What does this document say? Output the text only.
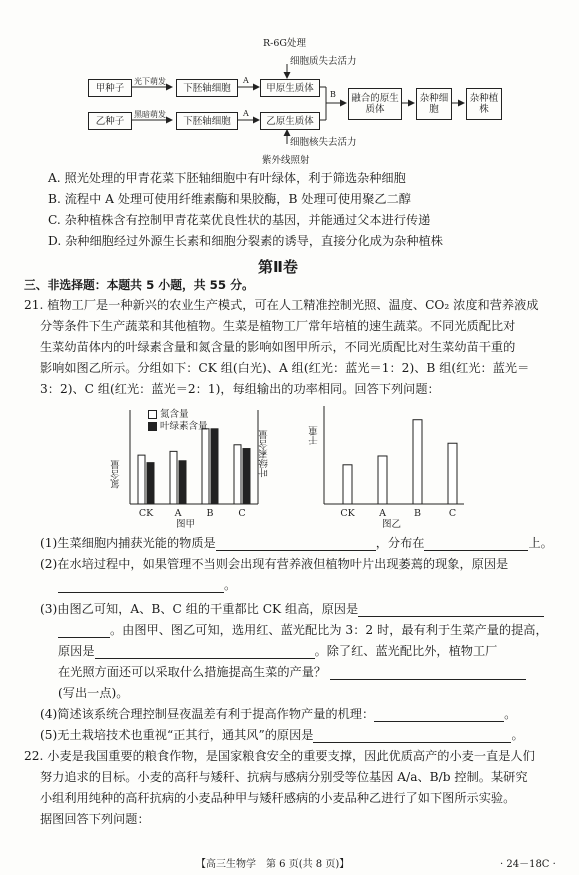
R-6G处理
细胞质失去活力
细胞核失去活力
紫外线照射
甲种子
乙种子
下胚轴细胞
下胚轴细胞
甲原生质体
乙原生质体
融合的原生质体
杂种细胞
杂种植株
光下萌发
黑暗萌发
A
A
B
A. 照光处理的甲青花菜下胚轴细胞中有叶绿体，利于筛选杂种细胞
B. 流程中 A 处理可使用纤维素酶和果胶酶，B 处理可使用聚乙二醇
C. 杂种植株含有控制甲青花菜优良性状的基因，并能通过父本进行传递
D. 杂种细胞经过外源生长素和细胞分裂素的诱导，直接分化成为杂种植株
第Ⅱ卷
三、非选择题：本题共 5 小题，共 55 分。
21. 植物工厂是一种新兴的农业生产模式，可在人工精准控制光照、温度、CO₂ 浓度和营养液成
分等条件下生产蔬菜和其他植物。生菜是植物工厂常年培植的速生蔬菜。不同光质配比对
生菜幼苗体内的叶绿素含量和氮含量的影响如图甲所示，不同光质配比对生菜幼苗干重的
影响如图乙所示。分组如下：CK 组(白光)、A 组(红光：蓝光＝1：2)、B 组(红光：蓝光＝
3：2)、C 组(红光：蓝光＝2：1)，每组输出的功率相同。回答下列问题：
CK A	B	C
氮含量
叶绿素含量
氮含量	叶绿素含量
图甲
CK	A	B	C
干重
图乙
(1)生菜细胞内捕获光能的物质是	，分布在	上。
(2)在水培过程中，如果管理不当则会出现有营养液但植物叶片出现萎蔫的现象，原因是
。
(3)由图乙可知，A、B、C 组的干重都比 CK 组高，原因是
。由图甲、图乙可知，选用红、蓝光配比为 3：2 时，最有利于生菜产量的提高，
原因是	。除了红、蓝光配比外，植物工厂
在光照方面还可以采取什么措施提高生菜的产量？
(写出一点)。
(4)简述该系统合理控制昼夜温差有利于提高作物产量的机理：	。
(5)无土栽培技术也重视“正其行，通其风”的原因是	。
22. 小麦是我国重要的粮食作物，是国家粮食安全的重要支撑，因此优质高产的小麦一直是人们
努力追求的目标。小麦的高秆与矮秆、抗病与感病分别受等位基因 A/a、B/b 控制。某研究
小组利用纯种的高秆抗病的小麦品种甲与矮秆感病的小麦品种乙进行了如下图所示实验。
据图回答下列问题：
【高三生物学　第 6 页(共 8 页)】	· 24－18C ·
